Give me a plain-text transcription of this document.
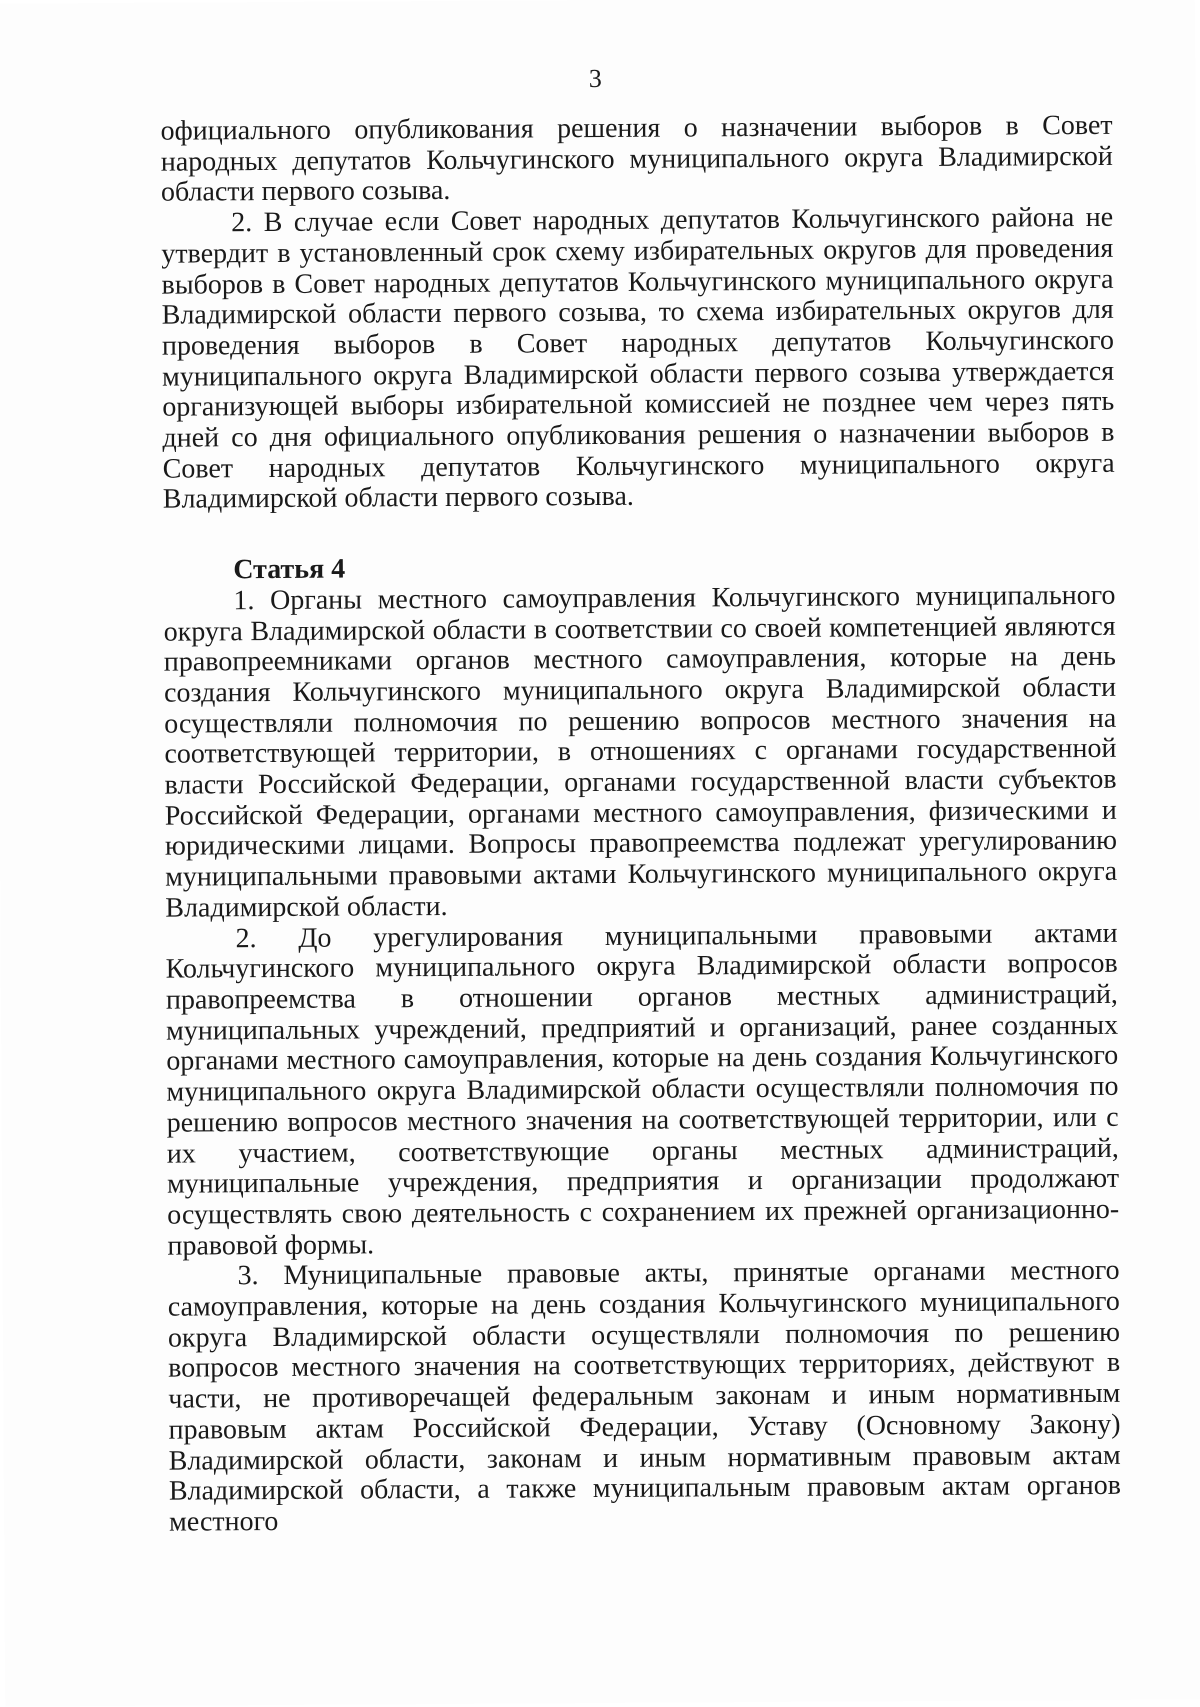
3

официального опубликования решения о назначении выборов в Совет народных депутатов Кольчугинского муниципального округа Владимирской области первого созыва.

2. В случае если Совет народных депутатов Кольчугинского района не утвердит в установленный срок схему избирательных округов для проведения выборов в Совет народных депутатов Кольчугинского муниципального округа Владимирской области первого созыва, то схема избирательных округов для проведения выборов в Совет народных депутатов Кольчугинского муниципального округа Владимирской области первого созыва утверждается организующей выборы избирательной комиссией не позднее чем через пять дней со дня официального опубликования решения о назначении выборов в Совет народных депутатов Кольчугинского муниципального округа Владимирской области первого созыва.

Статья 4

1. Органы местного самоуправления Кольчугинского муниципального округа Владимирской области в соответствии со своей компетенцией являются правопреемниками органов местного самоуправления, которые на день создания Кольчугинского муниципального округа Владимирской области осуществляли полномочия по решению вопросов местного значения на соответствующей территории, в отношениях с органами государственной власти Российской Федерации, органами государственной власти субъектов Российской Федерации, органами местного самоуправления, физическими и юридическими лицами. Вопросы правопреемства подлежат урегулированию муниципальными правовыми актами Кольчугинского муниципального округа Владимирской области.

2. До урегулирования муниципальными правовыми актами Кольчугинского муниципального округа Владимирской области вопросов правопреемства в отношении органов местных администраций, муниципальных учреждений, предприятий и организаций, ранее созданных органами местного самоуправления, которые на день создания Кольчугинского муниципального округа Владимирской области осуществляли полномочия по решению вопросов местного значения на соответствующей территории, или с их участием, соответствующие органы местных администраций, муниципальные учреждения, предприятия и организации продолжают осуществлять свою деятельность с сохранением их прежней организационно-правовой формы.

3. Муниципальные правовые акты, принятые органами местного самоуправления, которые на день создания Кольчугинского муниципального округа Владимирской области осуществляли полномочия по решению вопросов местного значения на соответствующих территориях, действуют в части, не противоречащей федеральным законам и иным нормативным правовым актам Российской Федерации, Уставу (Основному Закону) Владимирской области, законам и иным нормативным правовым актам Владимирской области, а также муниципальным правовым актам органов местного
